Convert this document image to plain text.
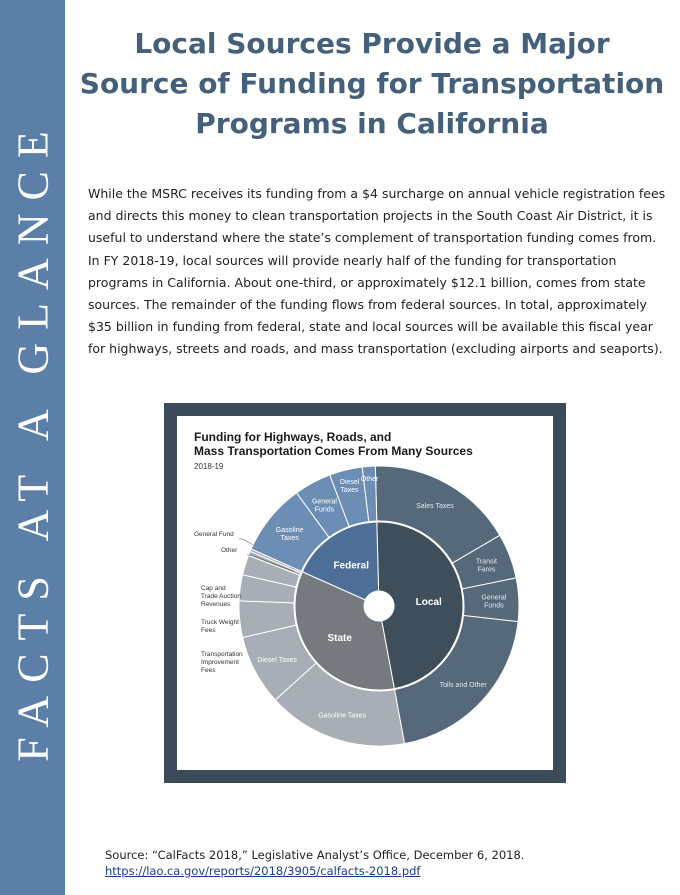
FACTS AT A GLANCE
Local Sources Provide a Major Source of Funding for Transportation Programs in California
While the MSRC receives its funding from a $4 surcharge on annual vehicle registration fees and directs this money to clean transportation projects in the South Coast Air District, it is useful to understand where the state’s complement of transportation funding comes from. In FY 2018-19, local sources will provide nearly half of the funding for transportation programs in California. About one-third, or approximately $12.1 billion, comes from state sources. The remainder of the funding flows from federal sources. In total, approximately $35 billion in funding from federal, state and local sources will be available this fiscal year for highways, streets and roads, and mass transportation (excluding airports and seaports).
Funding for Highways, Roads, and
Mass Transportation Comes From Many Sources
2018-19
Local
State
Federal
Sales Taxes
Transit Fares
General Funds
Tolls and Other
Gasoline Taxes
Diesel Taxes
Transportation Improvement Fees
Truck Weight Fees
Cap and Trade Auction Revenues
Other
General Fund
Gasoline Taxes
General Funds
Diesel Taxes
Other
Source: “CalFacts 2018,” Legislative Analyst’s Office, December 6, 2018.
https://lao.ca.gov/reports/2018/3905/calfacts-2018.pdf
